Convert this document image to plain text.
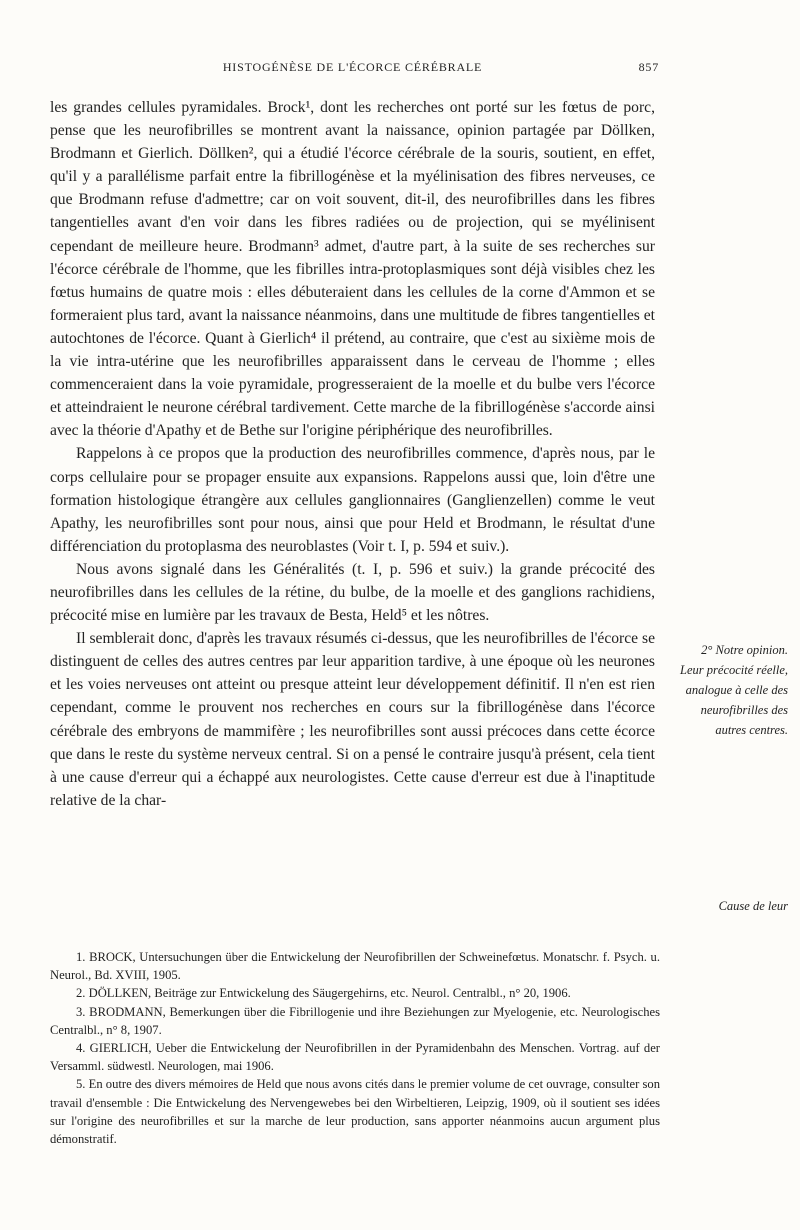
HISTOGÉNÈSE DE L'ÉCORCE CÉRÉBRALE	857

les grandes cellules pyramidales. Brock¹, dont les recherches ont porté sur les fœtus de porc, pense que les neurofibrilles se montrent avant la naissance, opinion partagée par Döllken, Brodmann et Gierlich. Döllken², qui a étudié l'écorce cérébrale de la souris, soutient, en effet, qu'il y a parallélisme parfait entre la fibrillogénèse et la myélinisation des fibres nerveuses, ce que Brodmann refuse d'admettre; car on voit souvent, dit-il, des neurofibrilles dans les fibres tangentielles avant d'en voir dans les fibres radiées ou de projection, qui se myélinisent cependant de meilleure heure. Brodmann³ admet, d'autre part, à la suite de ses recherches sur l'écorce cérébrale de l'homme, que les fibrilles intra-protoplasmiques sont déjà visibles chez les fœtus humains de quatre mois : elles débuteraient dans les cellules de la corne d'Ammon et se formeraient plus tard, avant la naissance néanmoins, dans une multitude de fibres tangentielles et autochtones de l'écorce. Quant à Gierlich⁴ il prétend, au contraire, que c'est au sixième mois de la vie intra-utérine que les neurofibrilles apparaissent dans le cerveau de l'homme ; elles commenceraient dans la voie pyramidale, progresseraient de la moelle et du bulbe vers l'écorce et atteindraient le neurone cérébral tardivement. Cette marche de la fibrillogénèse s'accorde ainsi avec la théorie d'Apathy et de Bethe sur l'origine périphérique des neurofibrilles.

Rappelons à ce propos que la production des neurofibrilles commence, d'après nous, par le corps cellulaire pour se propager ensuite aux expansions. Rappelons aussi que, loin d'être une formation histologique étrangère aux cellules ganglionnaires (Ganglienzellen) comme le veut Apathy, les neurofibrilles sont pour nous, ainsi que pour Held et Brodmann, le résultat d'une différenciation du protoplasma des neuroblastes (Voir t. I, p. 594 et suiv.).

Nous avons signalé dans les Généralités (t. I, p. 596 et suiv.) la grande précocité des neurofibrilles dans les cellules de la rétine, du bulbe, de la moelle et des ganglions rachidiens, précocité mise en lumière par les travaux de Besta, Held⁵ et les nôtres.

Il semblerait donc, d'après les travaux résumés ci-dessus, que les neurofibrilles de l'écorce se distinguent de celles des autres centres par leur apparition tardive, à une époque où les neurones et les voies nerveuses ont atteint ou presque atteint leur développement définitif. Il n'en est rien cependant, comme le prouvent nos recherches en cours sur la fibrillogénèse dans l'écorce cérébrale des embryons de mammifère ; les neurofibrilles sont aussi précoces dans cette écorce que dans le reste du système nerveux central. Si on a pensé le contraire jusqu'à présent, cela tient à une cause d'erreur qui a échappé aux neurologistes. Cette cause d'erreur est due à l'inaptitude relative de la char-

2° Notre opinion. Leur précocité réelle, analogue à celle des neurofibrilles des autres centres.
Cause de leur

1. BROCK, Untersuchungen über die Entwickelung der Neurofibrillen der Schweinefœtus. Monatschr. f. Psych. u. Neurol., Bd. XVIII, 1905.

2. DÖLLKEN, Beiträge zur Entwickelung des Säugergehirns, etc. Neurol. Centralbl., n° 20, 1906.

3. BRODMANN, Bemerkungen über die Fibrillogenie und ihre Beziehungen zur Myelogenie, etc. Neurologisches Centralbl., n° 8, 1907.

4. GIERLICH, Ueber die Entwickelung der Neurofibrillen in der Pyramidenbahn des Menschen. Vortrag. auf der Versamml. südwestl. Neurologen, mai 1906.

5. En outre des divers mémoires de Held que nous avons cités dans le premier volume de cet ouvrage, consulter son travail d'ensemble : Die Entwickelung des Nervengewebes bei den Wirbeltieren, Leipzig, 1909, où il soutient ses idées sur l'origine des neurofibrilles et sur la marche de leur production, sans apporter néanmoins aucun argument plus démonstratif.
